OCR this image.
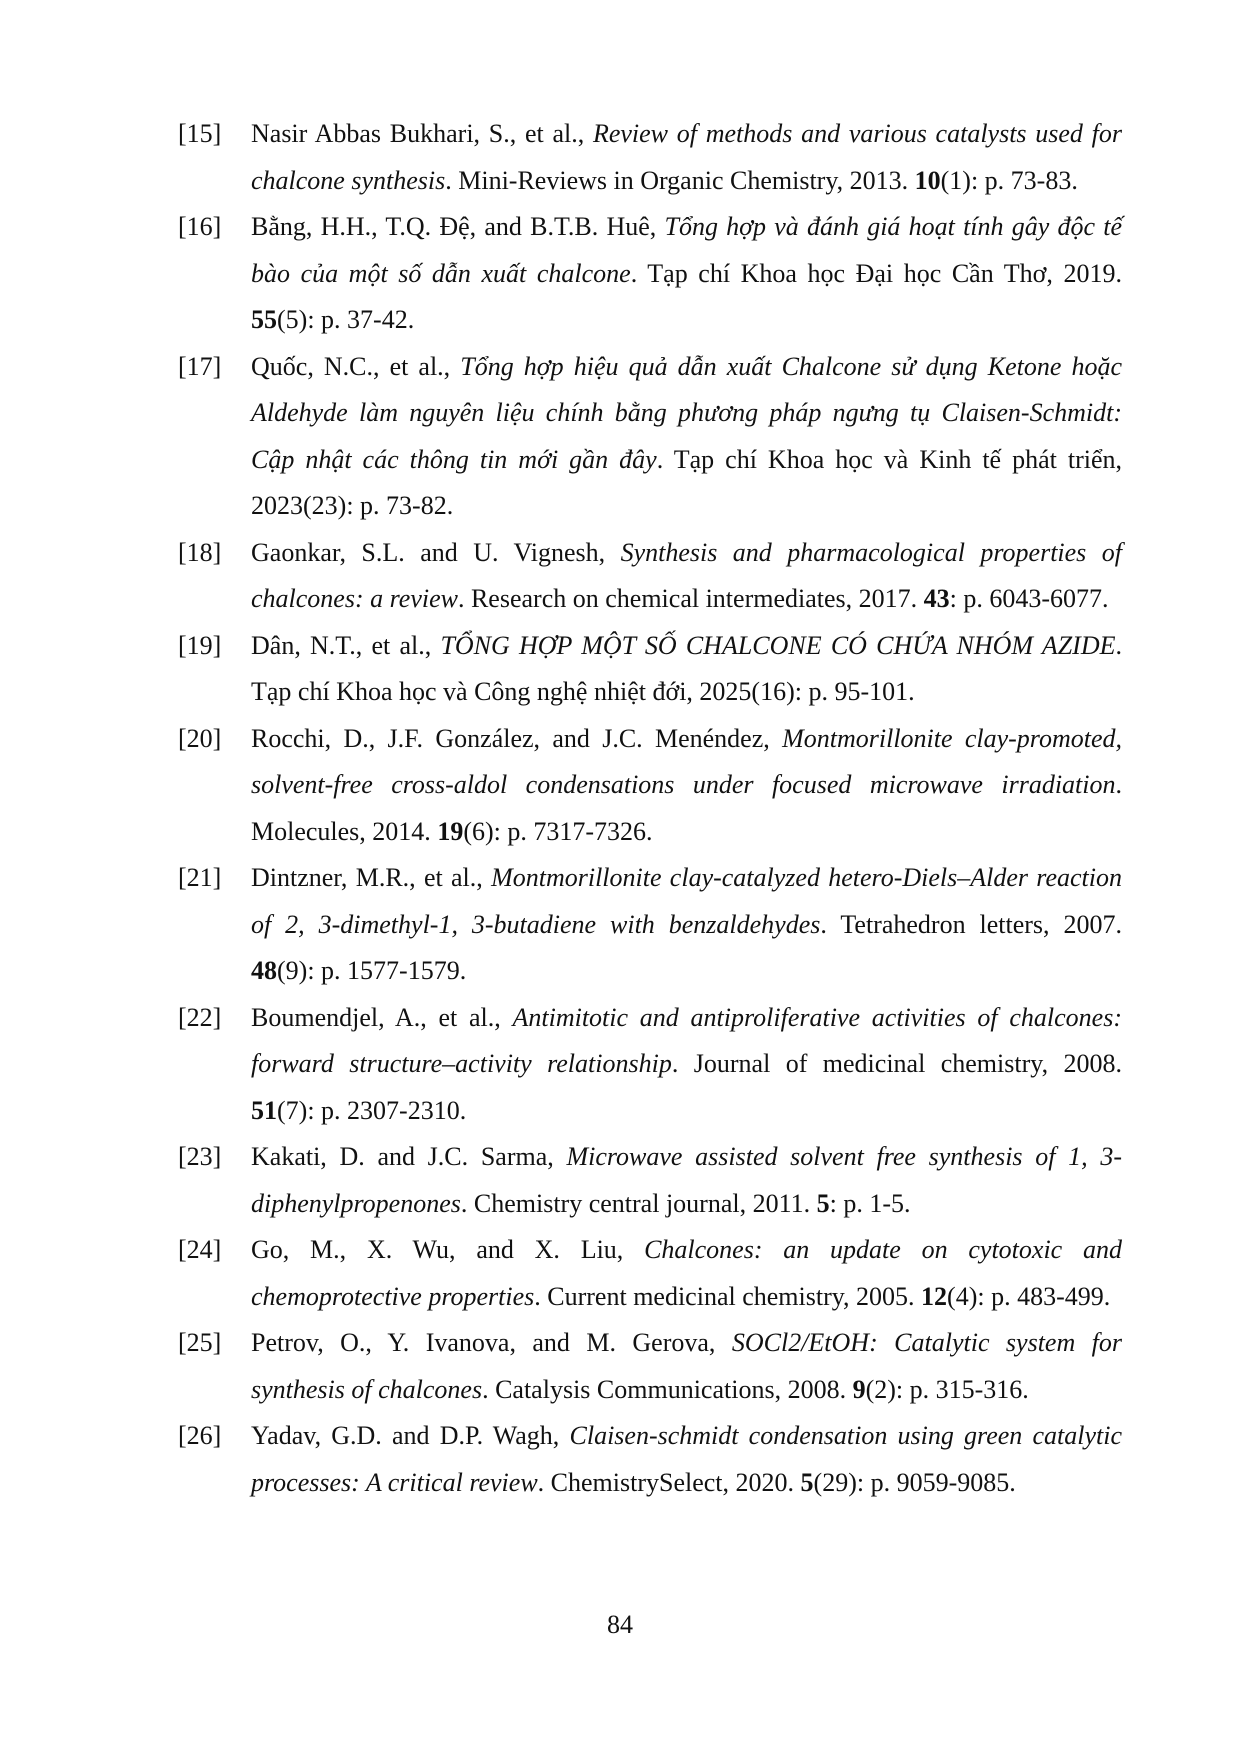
[15]	Nasir Abbas Bukhari, S., et al., Review of methods and various catalysts used for chalcone synthesis. Mini-Reviews in Organic Chemistry, 2013. 10(1): p. 73-83.
[16]	Bằng, H.H., T.Q. Đệ, and B.T.B. Huê, Tổng hợp và đánh giá hoạt tính gây độc tế bào của một số dẫn xuất chalcone. Tạp chí Khoa học Đại học Cần Thơ, 2019. 55(5): p. 37-42.
[17]	Quốc, N.C., et al., Tổng hợp hiệu quả dẫn xuất Chalcone sử dụng Ketone hoặc Aldehyde làm nguyên liệu chính bằng phương pháp ngưng tụ Claisen-Schmidt: Cập nhật các thông tin mới gần đây. Tạp chí Khoa học và Kinh tế phát triển, 2023(23): p. 73-82.
[18]	Gaonkar, S.L. and U. Vignesh, Synthesis and pharmacological properties of chalcones: a review. Research on chemical intermediates, 2017. 43: p. 6043-6077.
[19]	Dân, N.T., et al., TỔNG HỢP MỘT SỐ CHALCONE CÓ CHỨA NHÓM AZIDE. Tạp chí Khoa học và Công nghệ nhiệt đới, 2025(16): p. 95-101.
[20]	Rocchi, D., J.F. González, and J.C. Menéndez, Montmorillonite clay-promoted, solvent-free cross-aldol condensations under focused microwave irradiation. Molecules, 2014. 19(6): p. 7317-7326.
[21]	Dintzner, M.R., et al., Montmorillonite clay-catalyzed hetero-Diels–Alder reaction of 2, 3-dimethyl-1, 3-butadiene with benzaldehydes. Tetrahedron letters, 2007. 48(9): p. 1577-1579.
[22]	Boumendjel, A., et al., Antimitotic and antiproliferative activities of chalcones: forward structure–activity relationship. Journal of medicinal chemistry, 2008. 51(7): p. 2307-2310.
[23]	Kakati, D. and J.C. Sarma, Microwave assisted solvent free synthesis of 1, 3-diphenylpropenones. Chemistry central journal, 2011. 5: p. 1-5.
[24]	Go, M., X. Wu, and X. Liu, Chalcones: an update on cytotoxic and chemoprotective properties. Current medicinal chemistry, 2005. 12(4): p. 483-499.
[25]	Petrov, O., Y. Ivanova, and M. Gerova, SOCl2/EtOH: Catalytic system for synthesis of chalcones. Catalysis Communications, 2008. 9(2): p. 315-316.
[26]	Yadav, G.D. and D.P. Wagh, Claisen-schmidt condensation using green catalytic processes: A critical review. ChemistrySelect, 2020. 5(29): p. 9059-9085.
84
